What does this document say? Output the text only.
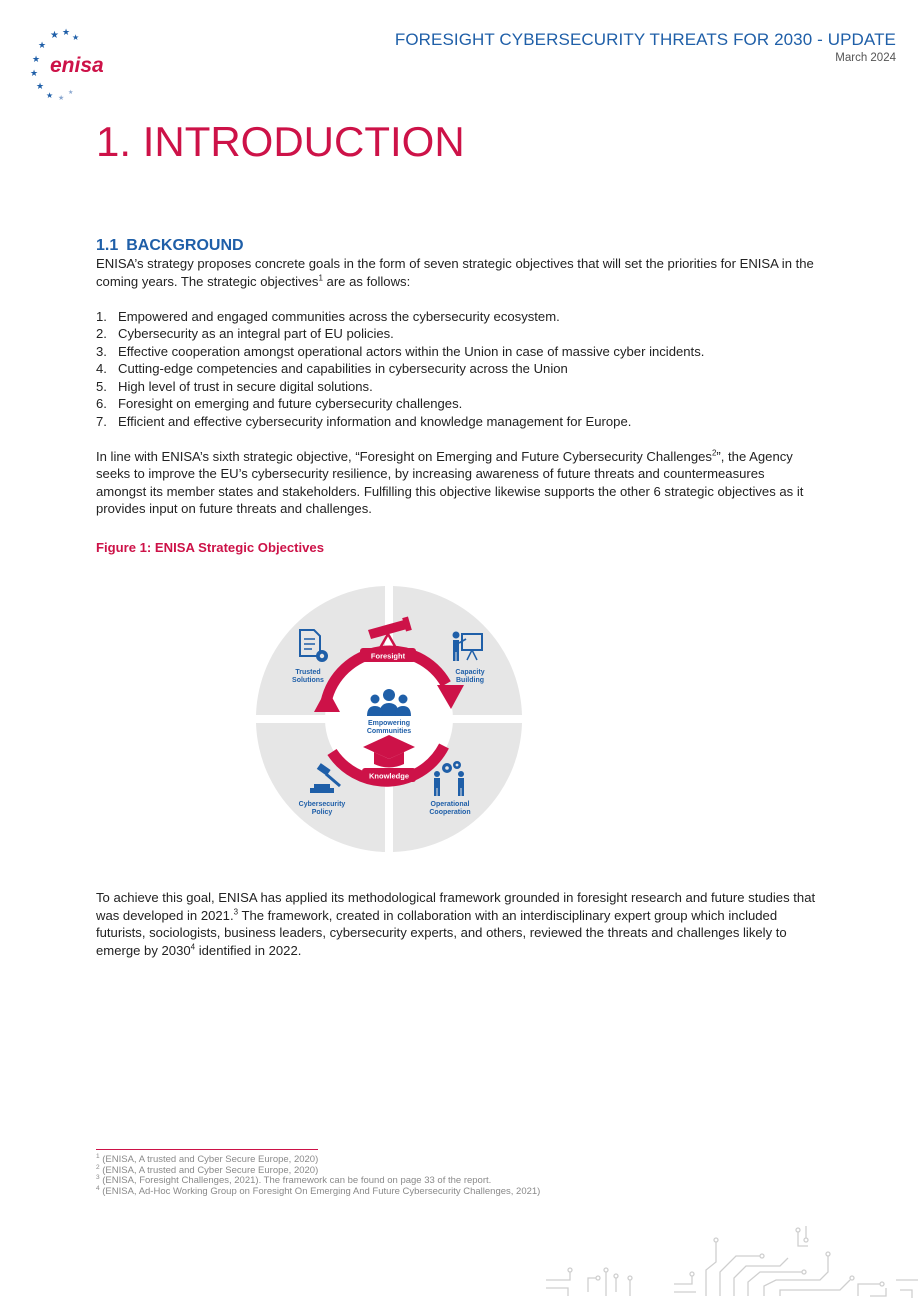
★ ★ ★
★
★
★
★
★ ★
★
enisa
FORESIGHT CYBERSECURITY THREATS FOR 2030 - UPDATE
March 2024
1. INTRODUCTION
1.1 BACKGROUND

ENISA’s strategy proposes concrete goals in the form of seven strategic objectives that will set the priorities for ENISA in the coming years. The strategic objectives$^1$ are as follows:

1. Empowered and engaged communities across the cybersecurity ecosystem.
2. Cybersecurity as an integral part of EU policies.
3. Effective cooperation amongst operational actors within the Union in case of massive cyber incidents.
4. Cutting-edge competencies and capabilities in cybersecurity across the Union
5. High level of trust in secure digital solutions.
6. Foresight on emerging and future cybersecurity challenges.
7. Efficient and effective cybersecurity information and knowledge management for Europe.

In line with ENISA’s sixth strategic objective, “Foresight on Emerging and Future Cybersecurity Challenges$^2$”, the Agency seeks to improve the EU’s cybersecurity resilience, by increasing awareness of future threats and countermeasures amongst its member states and stakeholders. Fulfilling this objective likewise supports the other 6 strategic objectives as it provides input on future threats and challenges.

Figure 1: ENISA Strategic Objectives
Foresight
Knowledge
Empowering
Communities
Trusted
Solutions
Capacity
Building
Cybersecurity
Policy
Operational
Cooperation

To achieve this goal, ENISA has applied its methodological framework grounded in foresight research and future studies that was developed in 2021.$^3$ The framework, created in collaboration with an interdisciplinary expert group which included futurists, sociologists, business leaders, cybersecurity experts, and others, reviewed the threats and challenges likely to emerge by 2030$^4$ identified in 2022.

$^1$ (ENISA, A trusted and Cyber Secure Europe, 2020)
$^2$ (ENISA, A trusted and Cyber Secure Europe, 2020)
$^3$ (ENISA, Foresight Challenges, 2021). The framework can be found on page 33 of the report.
$^4$ (ENISA, Ad-Hoc Working Group on Foresight On Emerging And Future Cybersecurity Challenges, 2021)
